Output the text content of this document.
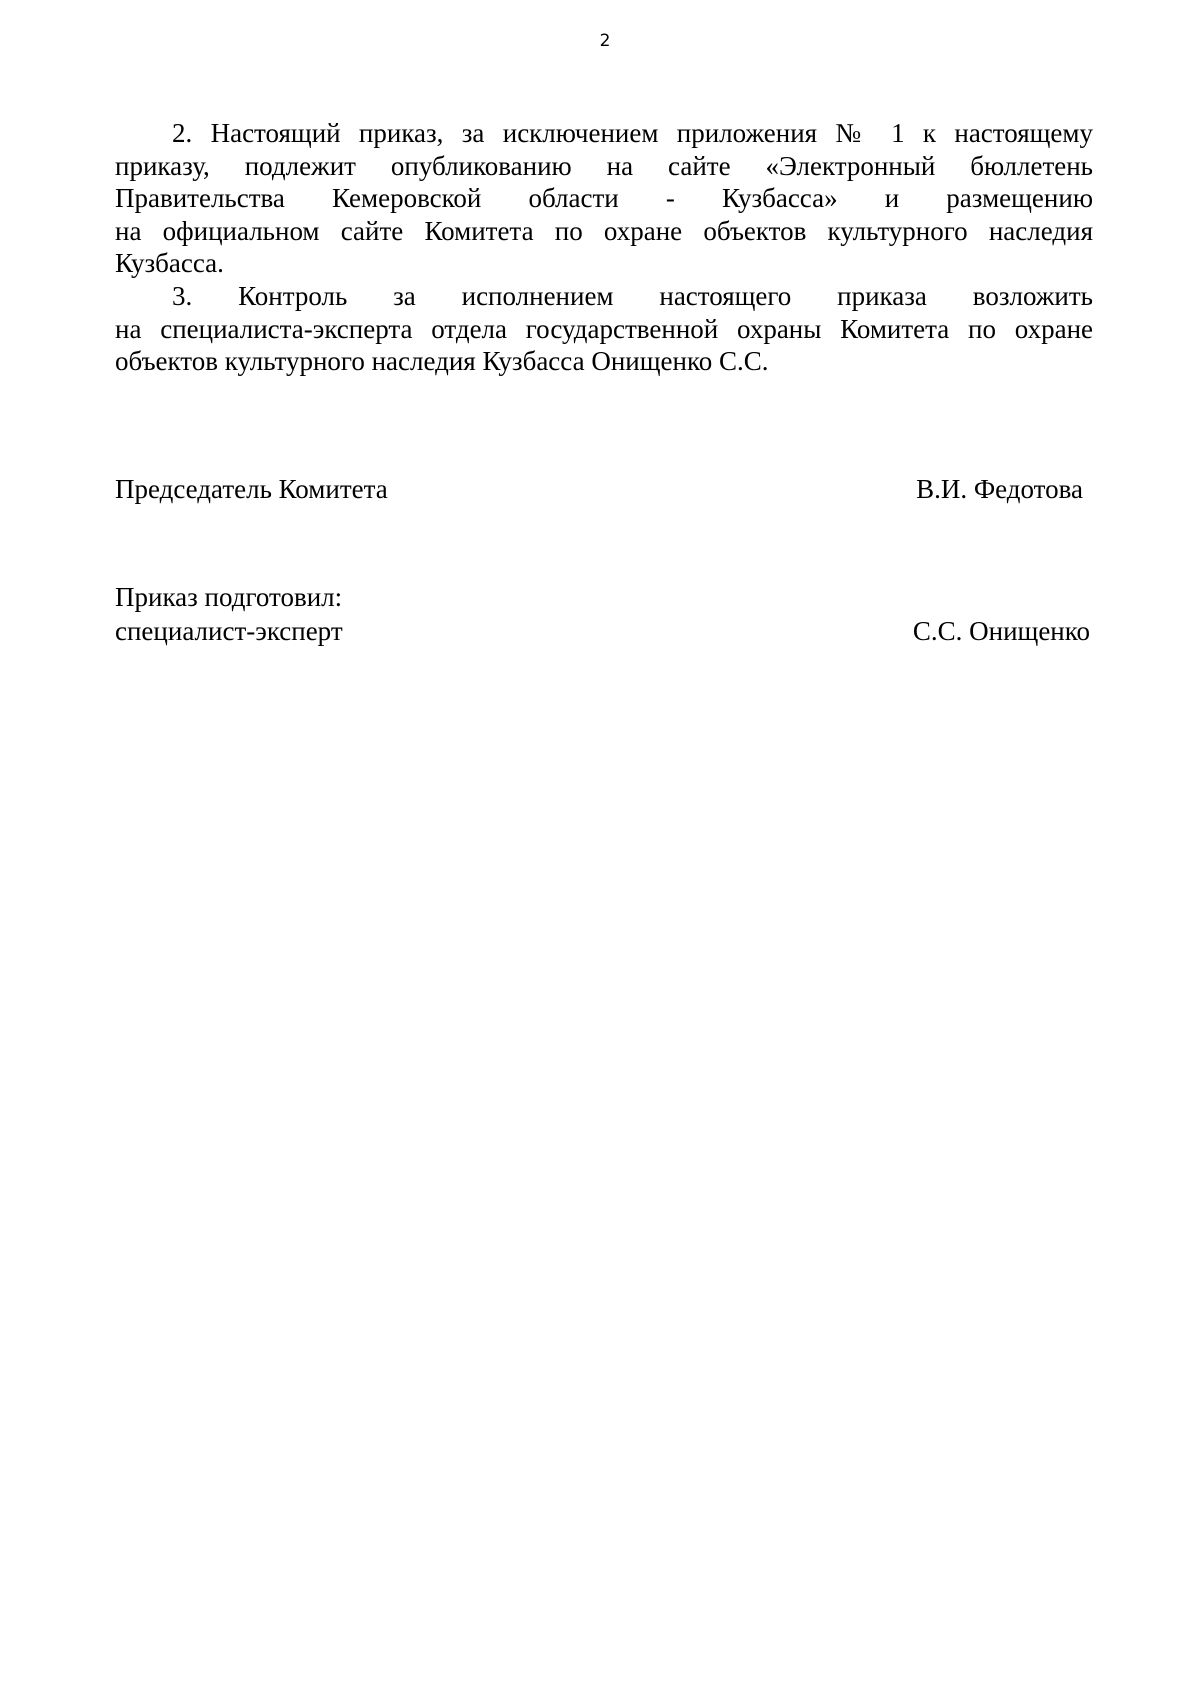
2

2. Настоящий приказ, за исключением приложения № 1 к настоящему
приказу, подлежит опубликованию на сайте «Электронный бюллетень
Правительства Кемеровской области - Кузбасса» и размещению
на официальном сайте Комитета по охране объектов культурного наследия
Кузбасса.

3. Контроль за исполнением настоящего приказа возложить
на специалиста-эксперта отдела государственной охраны Комитета по охране
объектов культурного наследия Кузбасса Онищенко С.С.

Председатель Комитета	В.И. Федотова
Приказ подготовил:
специалист-эксперт	С.С. Онищенко
